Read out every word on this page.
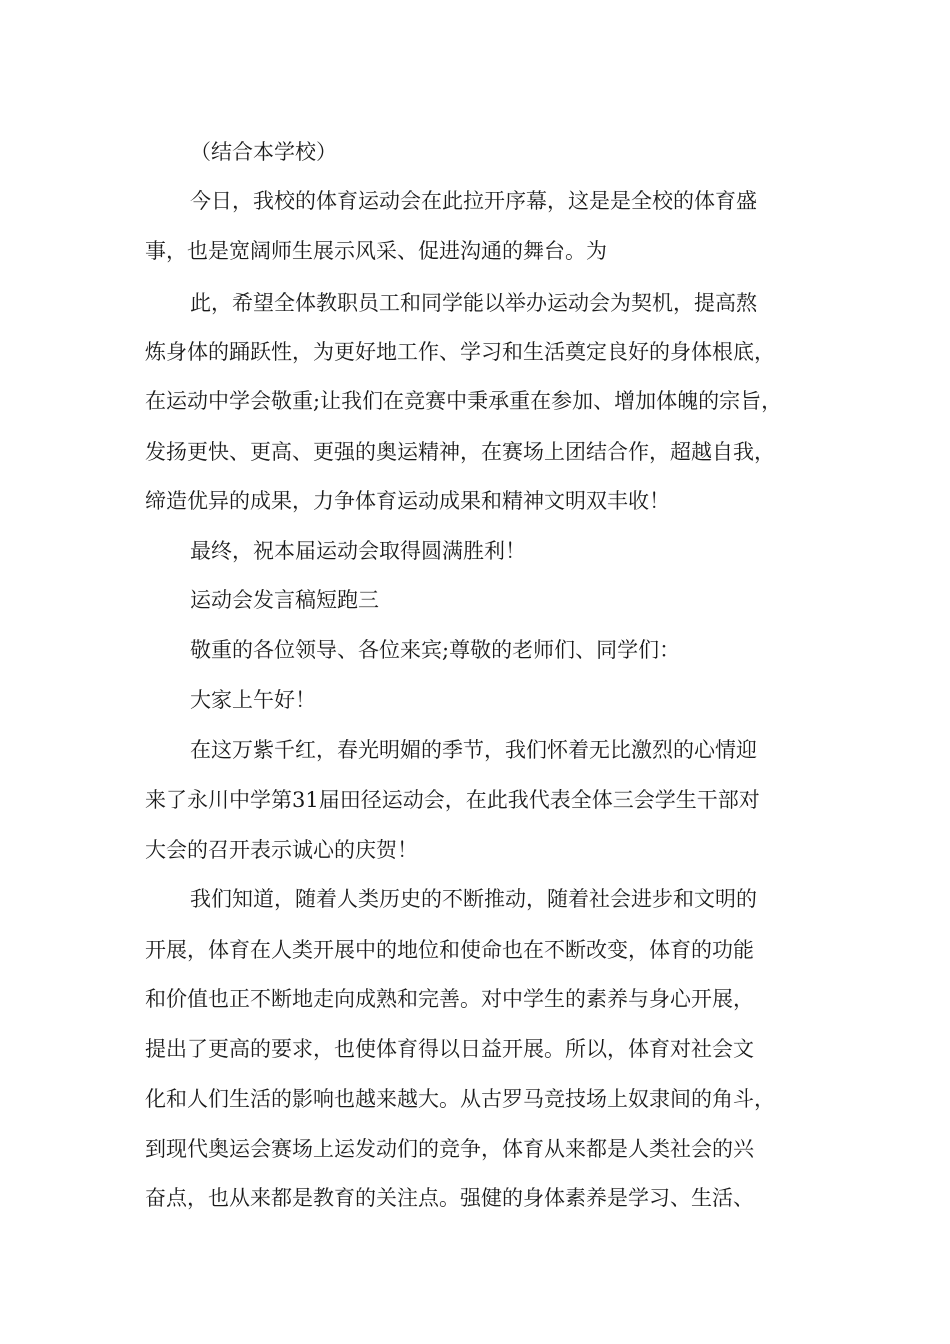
（结合本学校）
今日，我校的体育运动会在此拉开序幕，这是是全校的体育盛
事，也是宽阔师生展示风采、促进沟通的舞台。为
此，希望全体教职员工和同学能以举办运动会为契机，提高熬
炼身体的踊跃性，为更好地工作、学习和生活奠定良好的身体根底，
在运动中学会敬重;让我们在竞赛中秉承重在参加、增加体魄的宗旨，
发扬更快、更高、更强的奥运精神，在赛场上团结合作，超越自我，
缔造优异的成果，力争体育运动成果和精神文明双丰收！
最终，祝本届运动会取得圆满胜利！
运动会发言稿短跑三
敬重的各位领导、各位来宾;尊敬的老师们、同学们：
大家上午好！
在这万紫千红，春光明媚的季节，我们怀着无比激烈的心情迎
来了永川中学第31届田径运动会，在此我代表全体三会学生干部对
大会的召开表示诚心的庆贺！
我们知道，随着人类历史的不断推动，随着社会进步和文明的
开展，体育在人类开展中的地位和使命也在不断改变，体育的功能
和价值也正不断地走向成熟和完善。对中学生的素养与身心开展，
提出了更高的要求，也使体育得以日益开展。所以，体育对社会文
化和人们生活的影响也越来越大。从古罗马竞技场上奴隶间的角斗，
到现代奥运会赛场上运发动们的竞争，体育从来都是人类社会的兴
奋点，也从来都是教育的关注点。强健的身体素养是学习、生活、
